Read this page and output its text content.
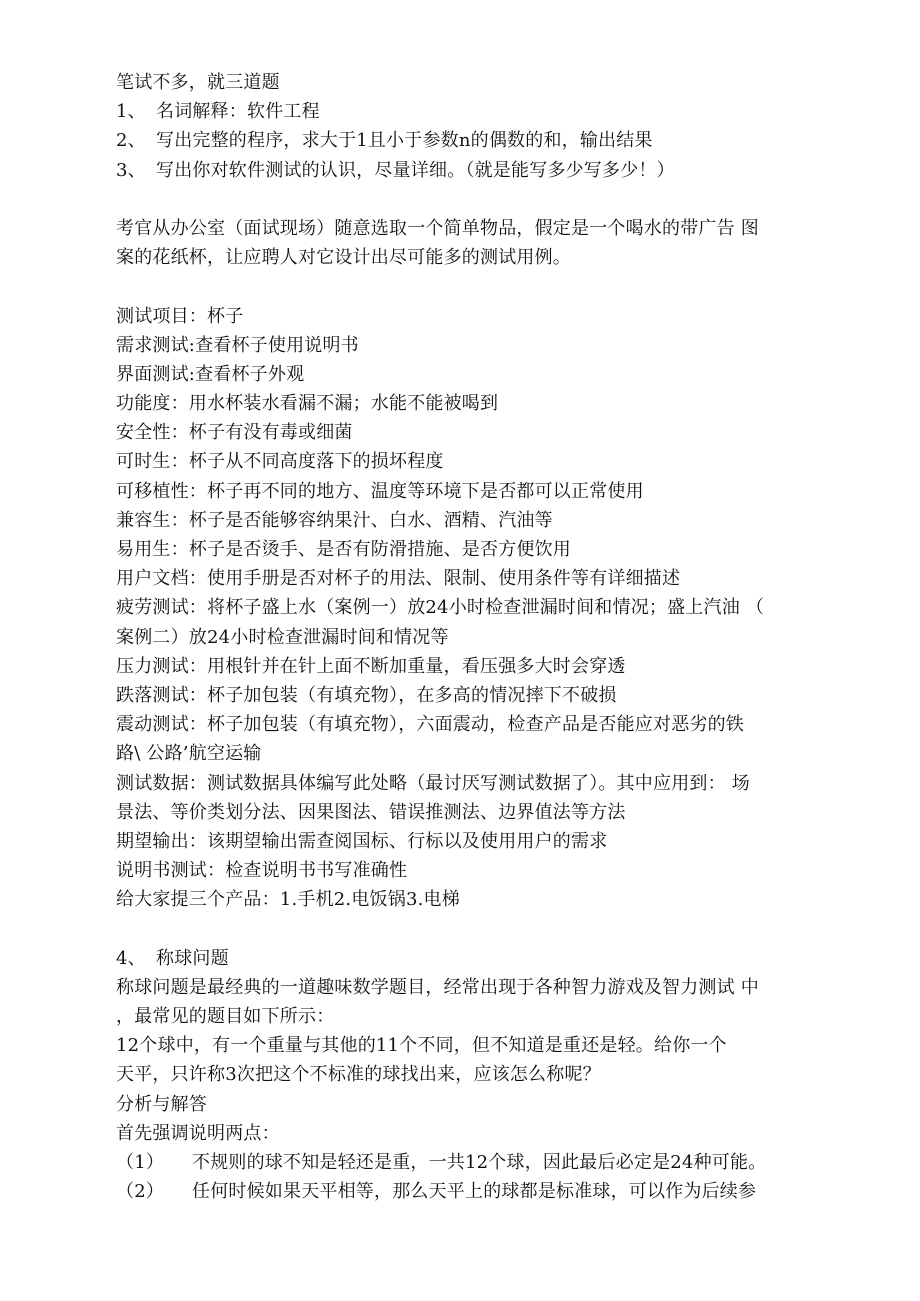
笔试不多，就三道题
1、 名词解释：软件工程
2、 写出完整的程序，求大于1且小于参数n的偶数的和，输出结果
3、 写出你对软件测试的认识，尽量详细。（就是能写多少写多少！）
考官从办公室（面试现场）随意选取一个简单物品，假定是一个喝水的带广告 图
案的花纸杯，让应聘人对它设计出尽可能多的测试用例。
测试项目：杯子
需求测试:查看杯子使用说明书
界面测试:查看杯子外观
功能度：用水杯装水看漏不漏；水能不能被喝到
安全性：杯子有没有毒或细菌
可时生：杯子从不同高度落下的损坏程度
可移植性：杯子再不同的地方、温度等环境下是否都可以正常使用
兼容生：杯子是否能够容纳果汁、白水、酒精、汽油等
易用生：杯子是否烫手、是否有防滑措施、是否方便饮用
用户文档：使用手册是否对杯子的用法、限制、使用条件等有详细描述
疲劳测试：将杯子盛上水（案例一）放24小时检查泄漏时间和情况；盛上汽油 （
案例二）放24小时检查泄漏时间和情况等
压力测试：用根针并在针上面不断加重量，看压强多大时会穿透
跌落测试：杯子加包装（有填充物），在多高的情况摔下不破损
震动测试：杯子加包装（有填充物），六面震动，检查产品是否能应对恶劣的铁
路\ 公路’航空运输
测试数据：测试数据具体编写此处略（最讨厌写测试数据了）。其中应用到： 场
景法、等价类划分法、因果图法、错误推测法、边界值法等方法
期望输出：该期望输出需查阅国标、行标以及使用用户的需求
说明书测试：检查说明书书写准确性
给大家提三个产品：1.手机2.电饭锅3.电梯
4、 称球问题
称球问题是最经典的一道趣味数学题目，经常出现于各种智力游戏及智力测试 中
，最常见的题目如下所示：
12个球中，有一个重量与其他的11个不同，但不知道是重还是轻。给你一个
天平，只许称3次把这个不标准的球找出来，应该怎么称呢？
分析与解答
首先强调说明两点：
（1） 不规则的球不知是轻还是重，一共12个球，因此最后必定是24种可能。
（2） 任何时候如果天平相等，那么天平上的球都是标准球，可以作为后续参
